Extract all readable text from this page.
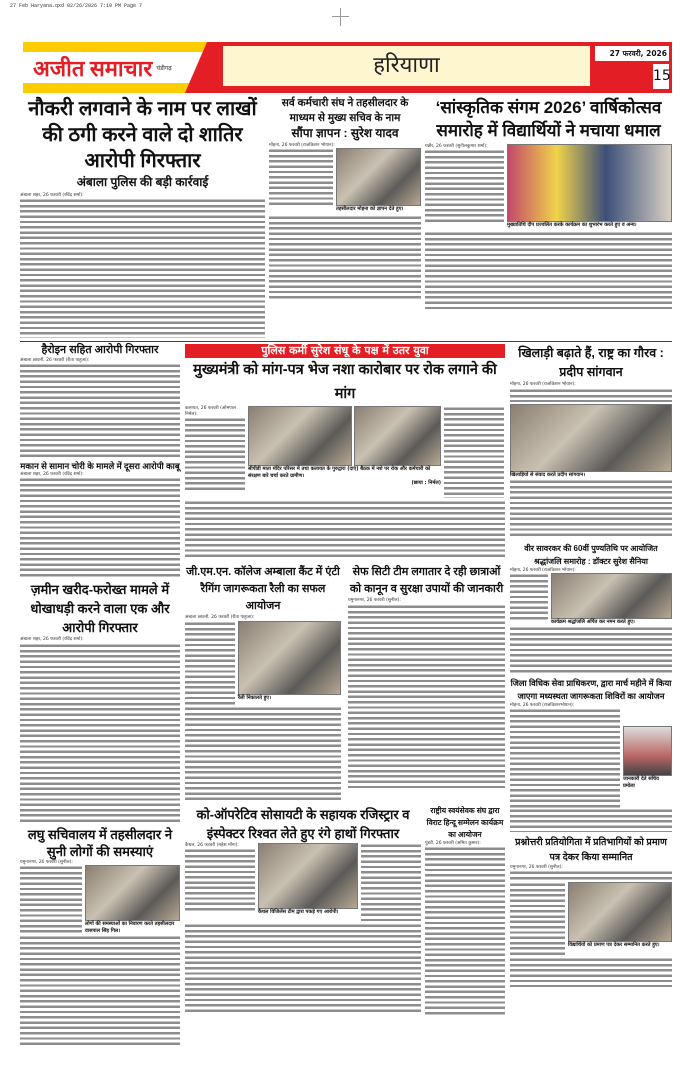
27 Feb Haryana.qxd 02/26/2026 7:19 PM Page 7
अजीत समाचार चंडीगढ़	हरियाणा	27 फरवरी, 2026
15
नौकरी लगवाने के नाम पर लाखों की ठगी करने वाले दो शातिर आरोपी गिरफ्तार
अंबाला पुलिस की बड़ी कार्रवाई
अंबाला शहर, 26 फरवरी (रविंद्र शर्मा):
सर्व कर्मचारी संघ ने तहसीलदार के माध्यम से मुख्य सचिव के नाम
सौंपा ज्ञापन : सुरेश यादव
मोहना, 26 फरवरी (राजकिशन भोयान):
तहसीलदार मोहना को ज्ञापन देते हुए।
‘सांस्कृतिक संगम 2026’ वार्षिकोत्सव समारोह में विद्यार्थियों ने मचाया धमाल
गन्नौर, 26 फरवरी (सुनीलकुमार शर्मा):
मुख्यातिथि दीप प्रज्वलित करके कार्यक्रम का शुभारंभ करते हुए व अन्य।
हैरोइन सहित आरोपी गिरफ्तार
अंबाला छावनी, 26 फरवरी (रीता पाहुजा):
मकान से सामान चोरी के मामले में दूसरा आरोपी काबू
अंबाला शहर, 26 फरवरी (रविंद्र शर्मा):
ज़मीन खरीद-फरोख्त मामले में धोखाधड़ी करने वाला एक और आरोपी गिरफ्तार
अंबाला शहर, 26 फरवरी (रविंद्र शर्मा):
लघु सचिवालय में तहसीलदार ने सुनी लोगों की समस्याएं
यमुनानगर, 26 फरवरी (सुनील):
लोगों की समस्याओं का निवारण करते तहसीलदार वासपाल सिंह गिल।
पुलिस कर्मी सुरेश संधू के पक्ष में उतर युवा
मुख्यमंत्री को मांग-पत्र भेज नशा कारोबार पर रोक लगाने की मांग
कलायत, 26 फरवरी (ओमपाल निर्मल):
सीपीडी माता मंदिर परिसर में तथा कलायत के गुरुद्वारा (दाएं) बैठक में नशे पर रोक और कर्मचारी को संरक्षण बारे चर्चा करते ग्रामीण।
(छाया : निर्मल)
जी.एम.एन. कॉलेज अम्बाला कैंट में एंटी रैगिंग जागरूकता रैली का सफल आयोजन
अंबाला छावनी, 26 फरवरी (रीता पाहुजा):
रैली निकालते हुए।
सेफ सिटी टीम लगातार दे रही छात्राओं को कानून व सुरक्षा उपायों की जानकारी
यमुनानगर, 26 फरवरी (सुनील):
को-ऑपरेटिव सोसायटी के सहायक रजिस्ट्रार व इंस्पेक्टर रिश्वत लेते हुए रंगे हाथों गिरफ्तार
कैथल, 26 फरवरी (महेश मोंगा):
कैथल विजिलेंस टीम द्वारा पकड़े गए आरोपी।
राष्ट्रीय स्वयंसेवक संघ द्वारा विराट हिन्दू सम्मेलन कार्यक्रम का आयोजन
पुंडरी, 26 फरवरी (अमित कुमार):
खिलाड़ी बढ़ाते हैं, राष्ट्र का गौरव : प्रदीप सांगवान
मोहना, 26 फरवरी (राजकिशन भोयान):
खिलाड़ियों से संवाद करते प्रदीप सांगवान।
वीर सावरकर की 60वीं पुण्यतिथि पर आयोजित श्रद्धांजलि समारोह : डॉक्टर सुरेश सैनिया
मोहना, 26 फरवरी (राजकिशन भोयान):
कार्यक्रम श्रद्धांजलि अर्पित कर नमन करते हुए।
जिला विधिक सेवा प्राधिकरण, द्वारा मार्च महीने में किया जाएगा मध्यस्थता जागरूकता शिविरों का आयोजन
मोहना, 26 फरवरी (राजकिशनभोयान):
जानकारी देते सचिव प्रमोला
प्रश्नोत्तरी प्रतियोगिता में प्रतिभागियों को प्रमाण पत्र देकर किया सम्मानित
यमुनानगर, 26 फरवरी (सुनील):
विद्यार्थियों को प्रमाण पत्र देकर सम्मानित करते हुए।
